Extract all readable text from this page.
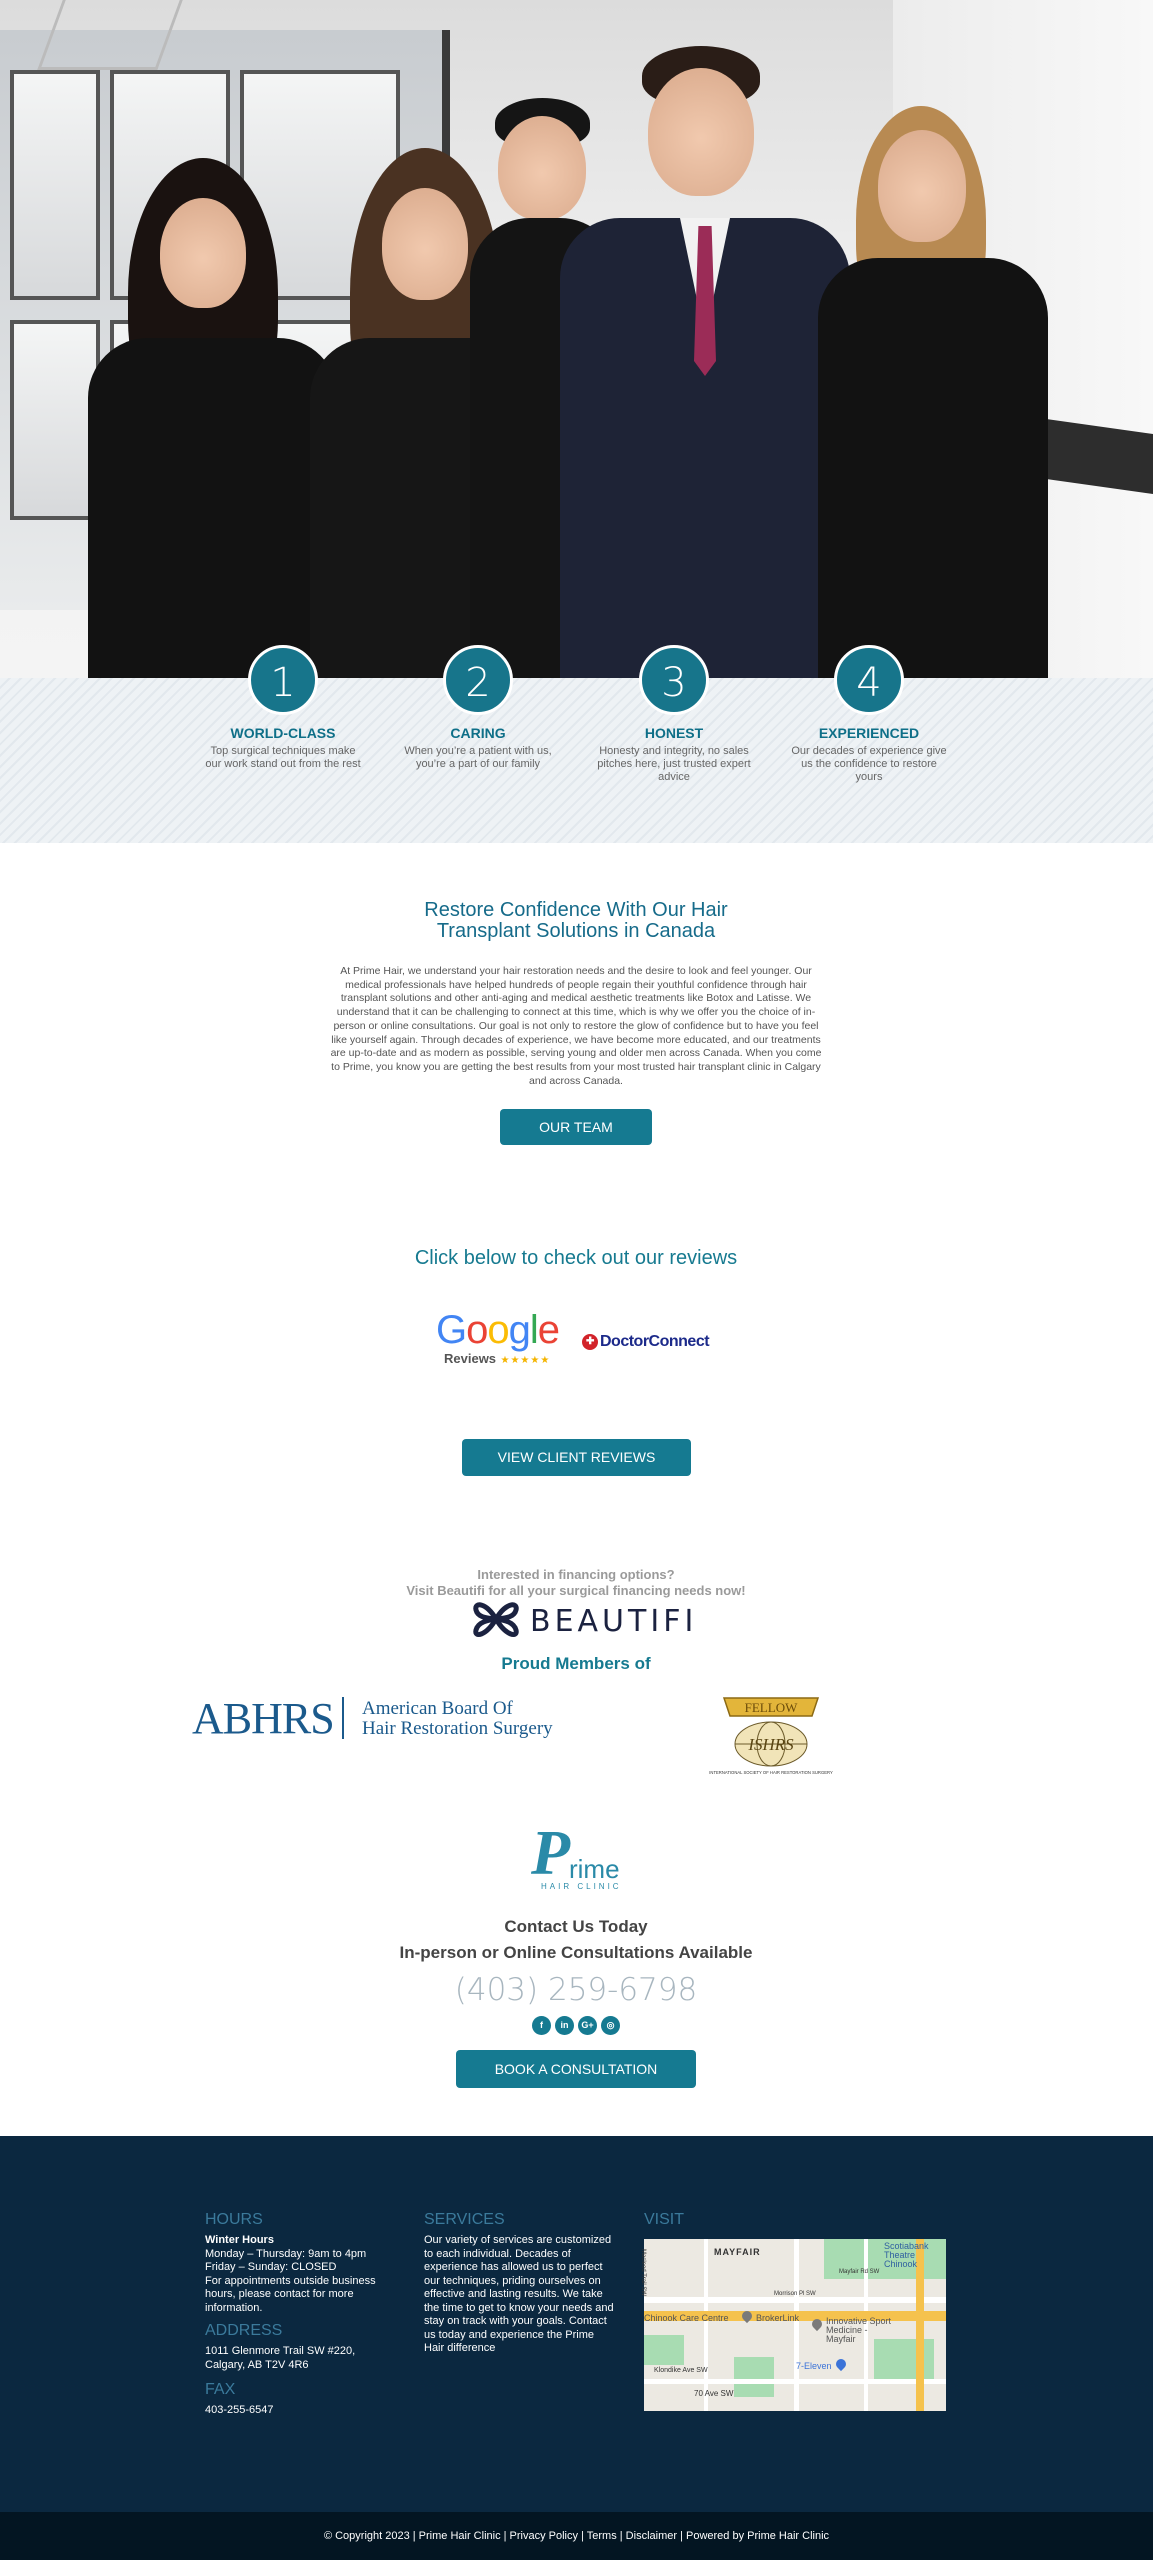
1
WORLD-CLASS
Top surgical techniques make our work stand out from the rest
2
CARING
When you’re a patient with us, you’re a part of our family
3
HONEST
Honesty and integrity, no sales pitches here, just trusted expert advice
4
EXPERIENCED
Our decades of experience give us the confidence to restore yours
Restore Confidence With Our Hair Transplant Solutions in Canada
At Prime Hair, we understand your hair restoration needs and the desire to look and feel younger. Our medical professionals have helped hundreds of people regain their youthful confidence through hair transplant solutions and other anti-aging and medical aesthetic treatments like Botox and Latisse. We understand that it can be challenging to connect at this time, which is why we offer you the choice of in-person or online consultations. Our goal is not only to restore the glow of confidence but to have you feel like yourself again. Through decades of experience, we have become more educated, and our treatments are up-to-date and as modern as possible, serving young and older men across Canada. When you come to Prime, you know you are getting the best results from your most trusted hair transplant clinic in Calgary and across Canada.
OUR TEAM
Click below to check out our reviews
Google
Reviews ★★★★★
✚ DoctorConnect
VIEW CLIENT REVIEWS
Interested in financing options?
Visit Beautifi for all your surgical financing needs now!
BEAUTIFI
Proud Members of
ABHRS American Board Of
Hair Restoration Surgery
FELLOW
ISHRS
INTERNATIONAL SOCIETY OF HAIR RESTORATION SURGERY
P
rime
HAIR CLINIC
Contact Us Today
In-person or Online Consultations Available
(403) 259-6798
f	in	G+	◎
BOOK A CONSULTATION
HOURS
Winter Hours
Monday – Thursday: 9am to 4pm
Friday – Sunday: CLOSED
For appointments outside business hours, please contact for more information.
ADDRESS
1011 Glenmore Trail SW #220,
Calgary, AB T2V 4R6
FAX
403-255-6547
SERVICES
Our variety of services are customized to each individual. Decades of experience has allowed us to perfect our techniques, priding ourselves on effective and lasting results. We take the time to get to know your needs and stay on track with your goals. Contact us today and experience the Prime Hair difference
VISIT
MAYFAIR
Scotiabank Theatre Chinook
Chinook Care Centre	BrokerLink	Innovative Sport Medicine - Mayfair
7-Eleven
Klondike Ave SW
70 Ave SW
Macleod Trail SW	Mayfair Rd SW
Morrison Pl SW
© Copyright 2023 | Prime Hair Clinic | Privacy Policy | Terms | Disclaimer | Powered by Prime Hair Clinic
